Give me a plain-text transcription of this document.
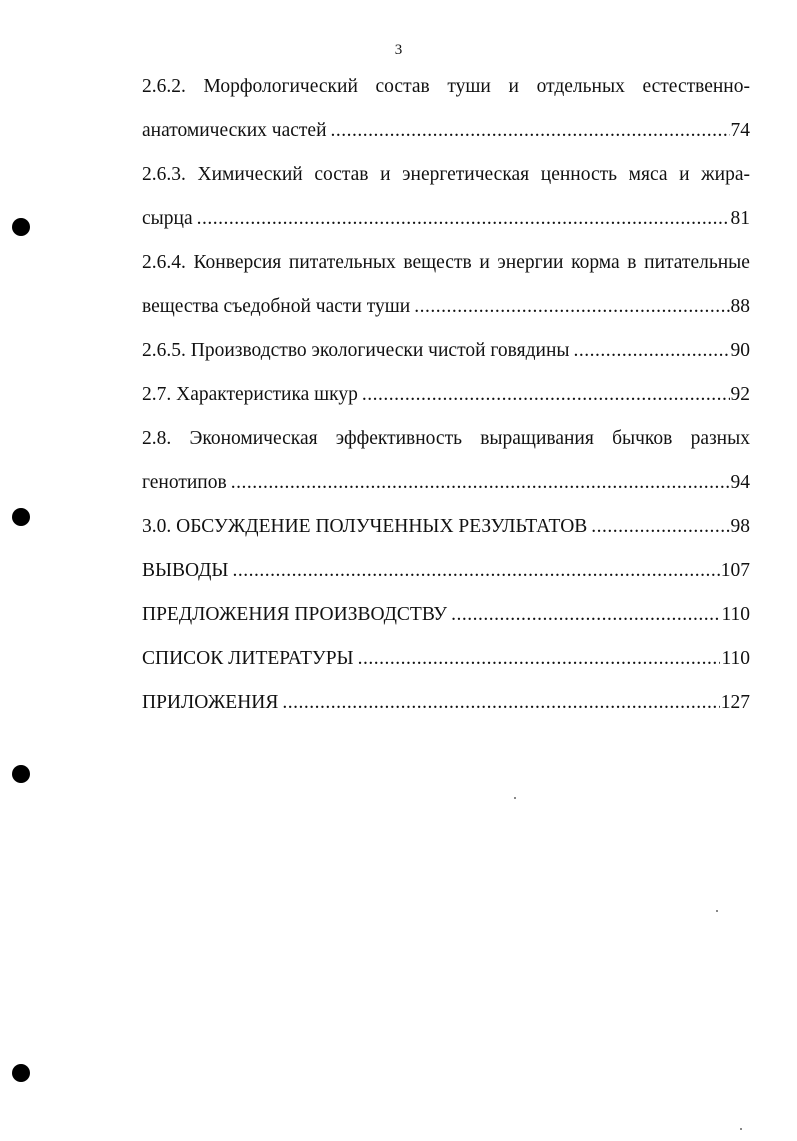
3
2.6.2. Морфологический состав туши и отдельных естественно-
анатомических частей .....	74
2.6.3. Химический состав и энергетическая ценность мяса и жира-
сырца .....	81
2.6.4. Конверсия питательных веществ и энергии корма в питательные
вещества съедобной части туши .....	88
2.6.5. Производство экологически чистой говядины .....	90
2.7. Характеристика шкур .....	92
2.8. Экономическая эффективность выращивания бычков разных
генотипов .....	94
3.0. ОБСУЖДЕНИЕ ПОЛУЧЕННЫХ РЕЗУЛЬТАТОВ .....	98
ВЫВОДЫ .....	107
ПРЕДЛОЖЕНИЯ ПРОИЗВОДСТВУ .....	110
СПИСОК ЛИТЕРАТУРЫ .....	110
ПРИЛОЖЕНИЯ .....	127
